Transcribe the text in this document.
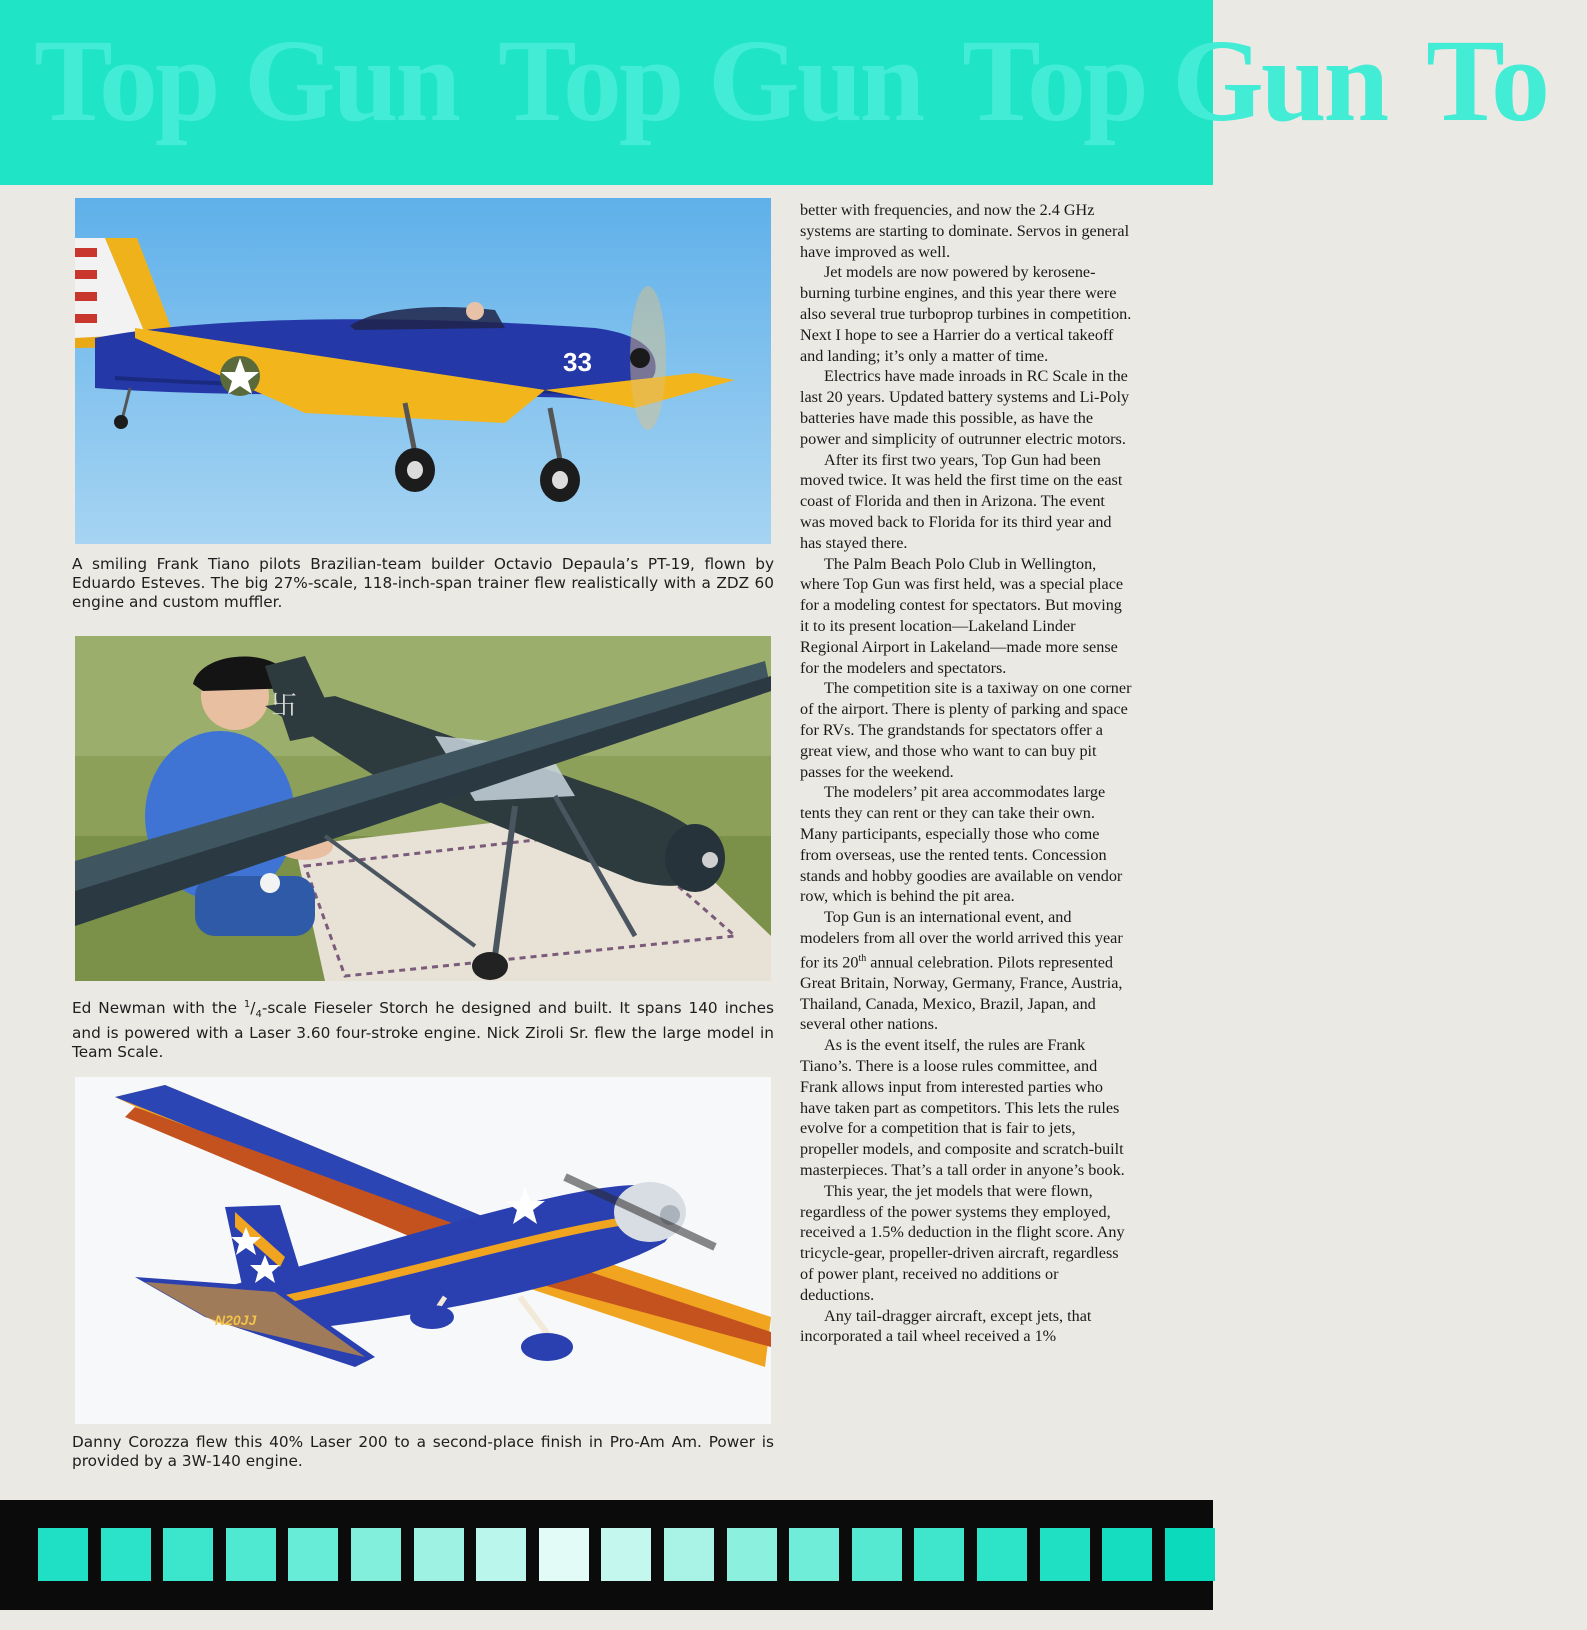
Top Gun Top Gun Top Gun To
33
A smiling Frank Tiano pilots Brazilian-team builder Octavio Depaula’s PT-19, flown by Eduardo Esteves. The big 27%-scale, 118-inch-span trainer flew realistically with a ZDZ 60 engine and custom muffler.
卐
Ed Newman with the $^1/_4$-scale Fieseler Storch he designed and built. It spans 140 inches and is powered with a Laser 3.60 four-stroke engine. Nick Ziroli Sr. flew the large model in Team Scale.
N20JJ
Danny Corozza flew this 40% Laser 200 to a second-place finish in Pro-Am Am. Power is provided by a 3W-140 engine.

better with frequencies, and now the 2.4 GHz systems are starting to dominate. Servos in general have improved as well.

Jet models are now powered by kerosene-burning turbine engines, and this year there were also several true turboprop turbines in competition. Next I hope to see a Harrier do a vertical takeoff and landing; it’s only a matter of time.

Electrics have made inroads in RC Scale in the last 20 years. Updated battery systems and Li-Poly batteries have made this possible, as have the power and simplicity of outrunner electric motors.

After its first two years, Top Gun had been moved twice. It was held the first time on the east coast of Florida and then in Arizona. The event was moved back to Florida for its third year and has stayed there.

The Palm Beach Polo Club in Wellington, where Top Gun was first held, was a special place for a modeling contest for spectators. But moving it to its present location—Lakeland Linder Regional Airport in Lakeland—made more sense for the modelers and spectators.

The competition site is a taxiway on one corner of the airport. There is plenty of parking and space for RVs. The grandstands for spectators offer a great view, and those who want to can buy pit passes for the weekend.

The modelers’ pit area accommodates large tents they can rent or they can take their own. Many participants, especially those who come from overseas, use the rented tents. Concession stands and hobby goodies are available on vendor row, which is behind the pit area.

Top Gun is an international event, and modelers from all over the world arrived this year for its 20th annual celebration. Pilots represented Great Britain, Norway, Germany, France, Austria, Thailand, Canada, Mexico, Brazil, Japan, and several other nations.

As is the event itself, the rules are Frank Tiano’s. There is a loose rules committee, and Frank allows input from interested parties who have taken part as competitors. This lets the rules evolve for a competition that is fair to jets, propeller models, and composite and scratch-built masterpieces. That’s a tall order in anyone’s book.

This year, the jet models that were flown, regardless of the power systems they employed, received a 1.5% deduction in the flight score. Any tricycle-gear, propeller-driven aircraft, regardless of power plant, received no additions or deductions.

Any tail-dragger aircraft, except jets, that incorporated a tail wheel received a 1%
